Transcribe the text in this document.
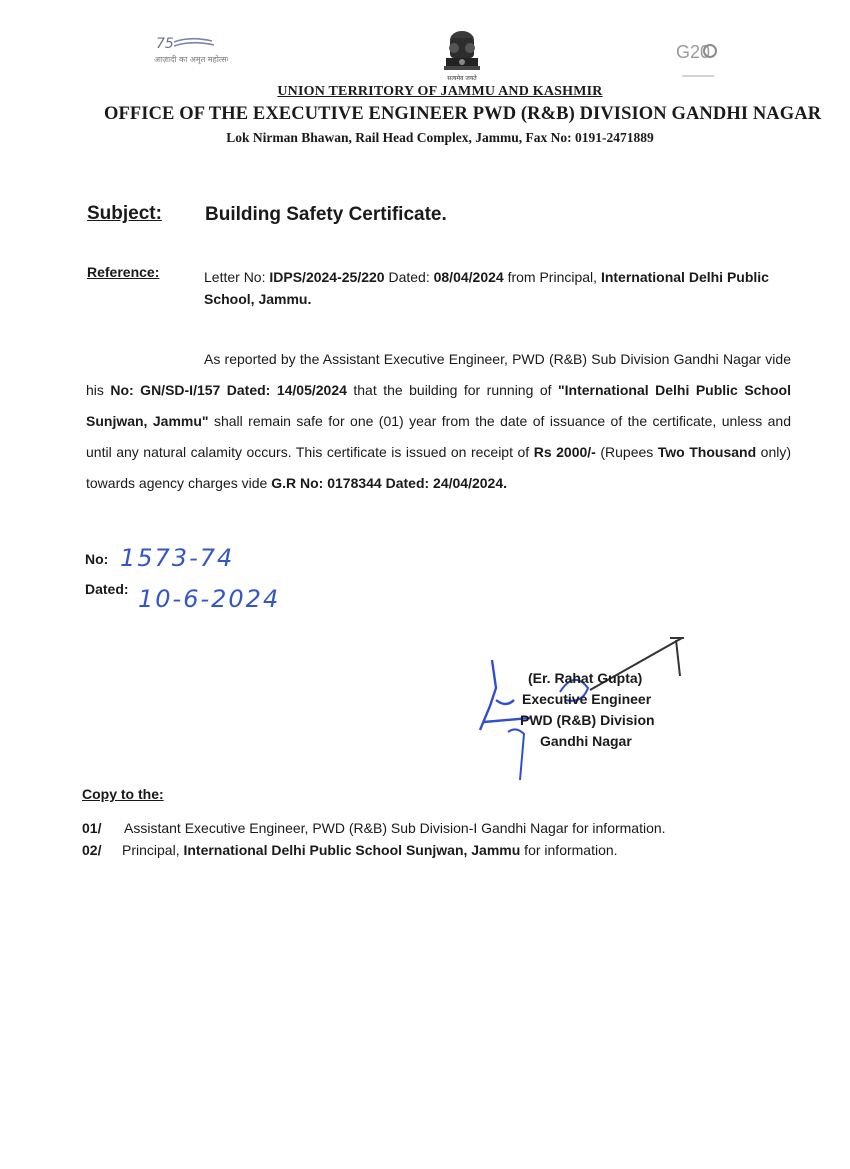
75
आज़ादी का अमृत महोत्सव
सत्यमेव जयते
G20
UNION TERRITORY OF JAMMU AND KASHMIR
OFFICE OF THE EXECUTIVE ENGINEER PWD (R&B) DIVISION GANDHI NAGAR
Lok Nirman Bhawan, Rail Head Complex, Jammu, Fax No: 0191-2471889
Subject: Building Safety Certificate.
Reference:	Letter No: IDPS/2024-25/220 Dated: 08/04/2024 from Principal, International Delhi Public School, Jammu.
As reported by the Assistant Executive Engineer, PWD (R&B) Sub Division Gandhi Nagar vide his No: GN/SD-I/157 Dated: 14/05/2024 that the building for running of "International Delhi Public School Sunjwan, Jammu" shall remain safe for one (01) year from the date of issuance of the certificate, unless and until any natural calamity occurs. This certificate is issued on receipt of Rs 2000/- (Rupees Two Thousand only) towards agency charges vide G.R No: 0178344 Dated: 24/04/2024.
No: 1573-74
Dated: 10-6-2024
(Er. Rahat Gupta)
Executive Engineer
PWD (R&B) Division
Gandhi Nagar
Copy to the:
01/ Assistant Executive Engineer, PWD (R&B) Sub Division-I Gandhi Nagar for information.
02/ Principal, International Delhi Public School Sunjwan, Jammu for information.
